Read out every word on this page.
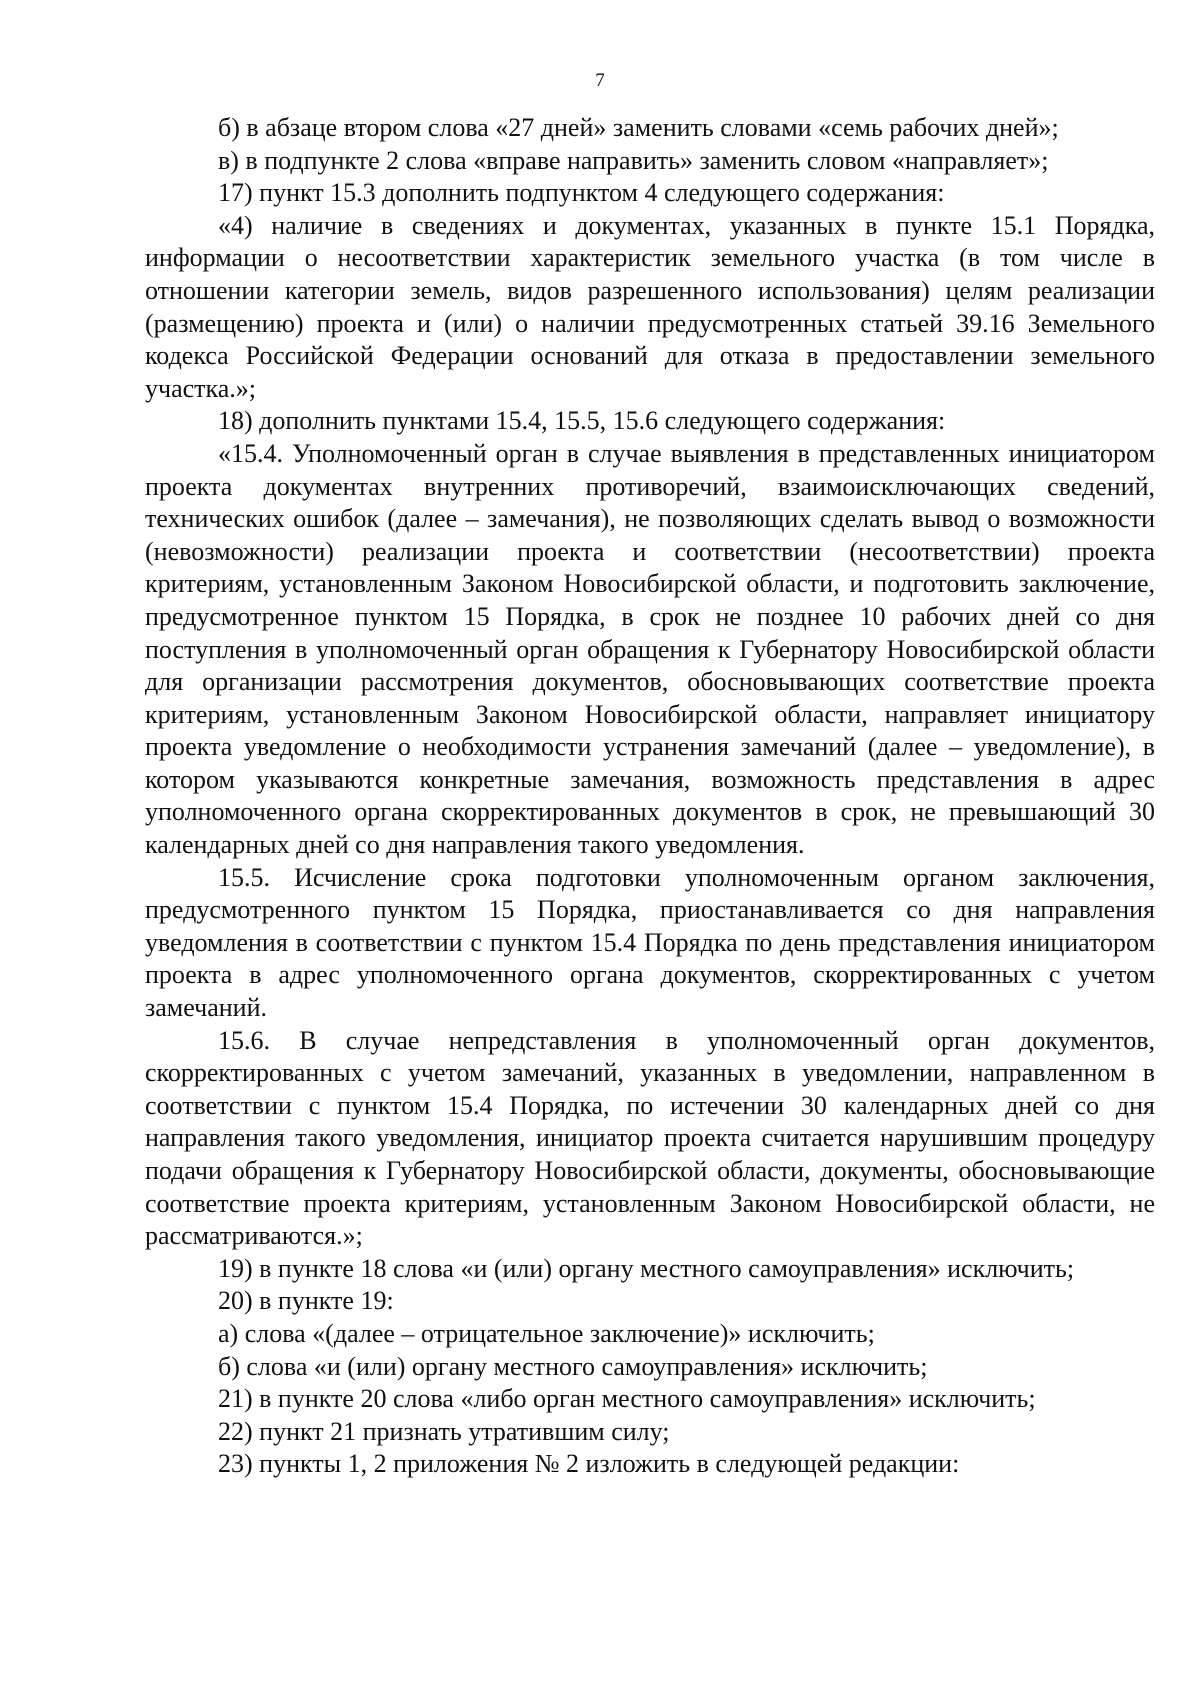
7

б) в абзаце втором слова «27 дней» заменить словами «семь рабочих дней»;

в) в подпункте 2 слова «вправе направить» заменить словом «направляет»;

17) пункт 15.3 дополнить подпунктом 4 следующего содержания:

«4) наличие в сведениях и документах, указанных в пункте 15.1 Порядка, информации о несоответствии характеристик земельного участка (в том числе в отношении категории земель, видов разрешенного использования) целям реализации (размещению) проекта и (или) о наличии предусмотренных статьей 39.16 Земельного кодекса Российской Федерации оснований для отказа в предоставлении земельного участка.»;

18) дополнить пунктами 15.4, 15.5, 15.6 следующего содержания:

«15.4. Уполномоченный орган в случае выявления в представленных инициатором проекта документах внутренних противоречий, взаимоисключающих сведений, технических ошибок (далее – замечания), не позволяющих сделать вывод о возможности (невозможности) реализации проекта и соответствии (несоответствии) проекта критериям, установленным Законом Новосибирской области, и подготовить заключение, предусмотренное пунктом 15 Порядка, в срок не позднее 10 рабочих дней со дня поступления в уполномоченный орган обращения к Губернатору Новосибирской области для организации рассмотрения документов, обосновывающих соответствие проекта критериям, установленным Законом Новосибирской области, направляет инициатору проекта уведомление о необходимости устранения замечаний (далее – уведомление), в котором указываются конкретные замечания, возможность представления в адрес уполномоченного органа скорректированных документов в срок, не превышающий 30 календарных дней со дня направления такого уведомления.

15.5. Исчисление срока подготовки уполномоченным органом заключения, предусмотренного пунктом 15 Порядка, приостанавливается со дня направления уведомления в соответствии с пунктом 15.4 Порядка по день представления инициатором проекта в адрес уполномоченного органа документов, скорректированных с учетом замечаний.

15.6. В случае непредставления в уполномоченный орган документов, скорректированных с учетом замечаний, указанных в уведомлении, направленном в соответствии с пунктом 15.4 Порядка, по истечении 30 календарных дней со дня направления такого уведомления, инициатор проекта считается нарушившим процедуру подачи обращения к Губернатору Новосибирской области, документы, обосновывающие соответствие проекта критериям, установленным Законом Новосибирской области, не рассматриваются.»;

19) в пункте 18 слова «и (или) органу местного самоуправления» исключить;

20) в пункте 19:

а) слова «(далее – отрицательное заключение)» исключить;

б) слова «и (или) органу местного самоуправления» исключить;

21) в пункте 20 слова «либо орган местного самоуправления» исключить;

22) пункт 21 признать утратившим силу;

23) пункты 1, 2 приложения № 2 изложить в следующей редакции:
